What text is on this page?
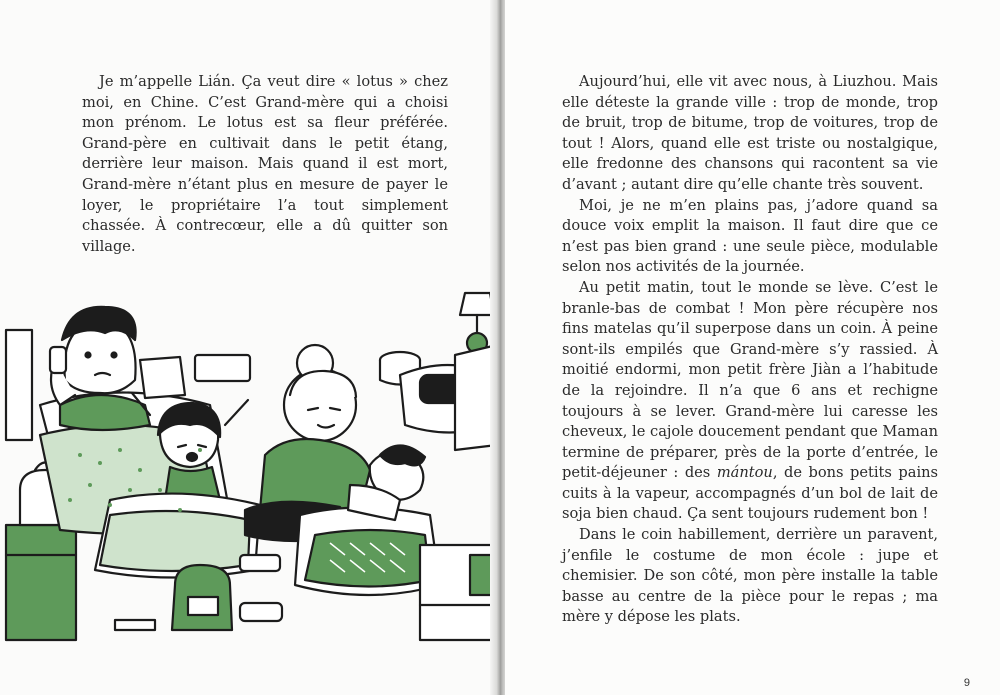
Je m’appelle Lián. Ça veut dire « lotus » chez moi, en Chine. C’est Grand-mère qui a choisi mon prénom. Le lotus est sa fleur préférée. Grand-père en cultivait dans le petit étang, derrière leur maison. Mais quand il est mort, Grand-mère n’étant plus en mesure de payer le loyer, le propriétaire l’a tout simplement chassée. À contrecœur, elle a dû quitter son village.

Aujourd’hui, elle vit avec nous, à Liuzhou. Mais elle déteste la grande ville : trop de monde, trop de bruit, trop de bitume, trop de voitures, trop de tout ! Alors, quand elle est triste ou nostalgique, elle fredonne des chansons qui racontent sa vie d’avant ; autant dire qu’elle chante très souvent.

Moi, je ne m’en plains pas, j’adore quand sa douce voix emplit la maison. Il faut dire que ce n’est pas bien grand : une seule pièce, modulable selon nos activités de la journée.

Au petit matin, tout le monde se lève. C’est le branle-bas de combat ! Mon père récupère nos fins matelas qu’il superpose dans un coin. À peine sont-ils empilés que Grand-mère s’y rassied. À moitié endormi, mon petit frère Jiàn a l’habitude de la rejoindre. Il n’a que 6 ans et rechigne toujours à se lever. Grand-mère lui caresse les cheveux, le cajole doucement pendant que Maman termine de préparer, près de la porte d’entrée, le petit-déjeuner : des mántou, de bons petits pains cuits à la vapeur, accompagnés d’un bol de lait de soja bien chaud. Ça sent toujours rudement bon !

Dans le coin habillement, derrière un paravent, j’enfile le costume de mon école : jupe et chemisier. De son côté, mon père installe la table basse au centre de la pièce pour le repas ; ma mère y dépose les plats.

9
